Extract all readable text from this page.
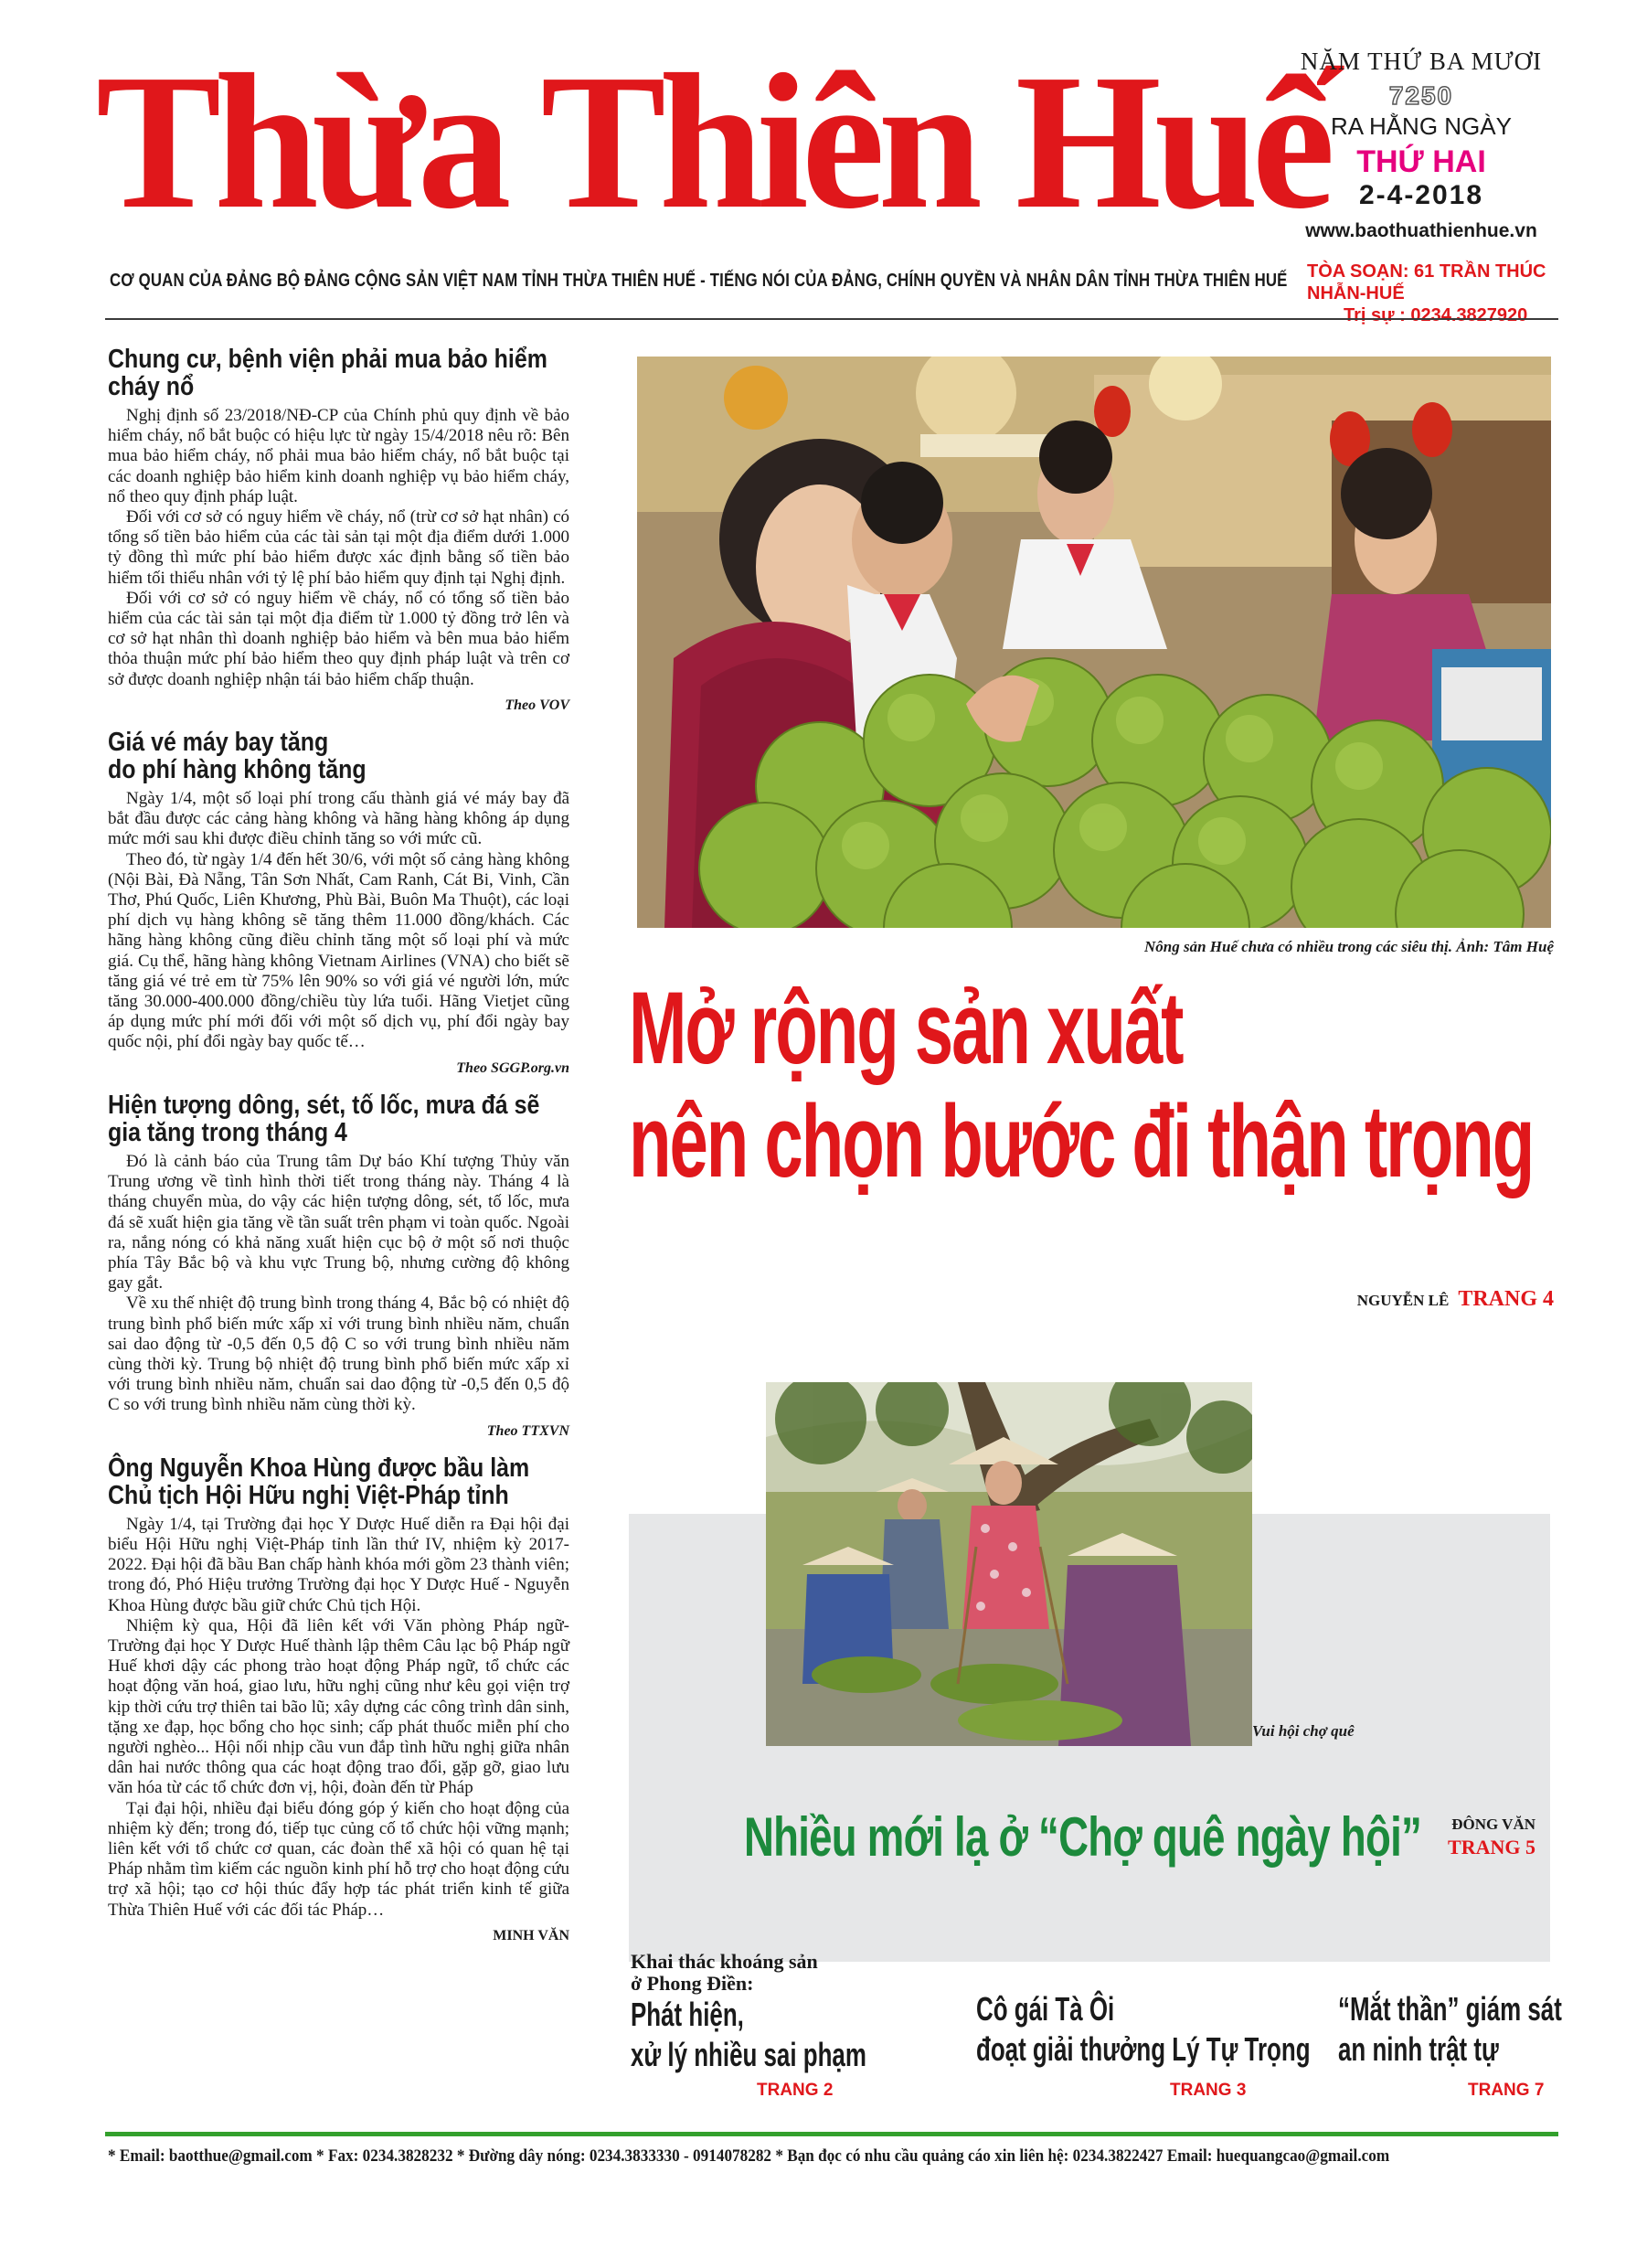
Thừa Thiên Huế
CƠ QUAN CỦA ĐẢNG BỘ ĐẢNG CỘNG SẢN VIỆT NAM TỈNH THỪA THIÊN HUẾ - TIẾNG NÓI CỦA ĐẢNG, CHÍNH QUYỀN VÀ NHÂN DÂN TỈNH THỪA THIÊN HUẾ
NĂM THỨ BA MƯƠI
7250
RA HẰNG NGÀY
THỨ HAI
2-4-2018
www.baothuathienhue.vn
TÒA SOẠN: 61 TRẦN THÚC NHẪN-HUẾ
Trị sự : 0234.3827920
Chung cư, bệnh viện phải mua bảo hiểm cháy nổ

Nghị định số 23/2018/NĐ-CP của Chính phủ quy định về bảo hiểm cháy, nổ bắt buộc có hiệu lực từ ngày 15/4/2018 nêu rõ: Bên mua bảo hiểm cháy, nổ phải mua bảo hiểm cháy, nổ bắt buộc tại các doanh nghiệp bảo hiểm kinh doanh nghiệp vụ bảo hiểm cháy, nổ theo quy định pháp luật.

Đối với cơ sở có nguy hiểm về cháy, nổ (trừ cơ sở hạt nhân) có tổng số tiền bảo hiểm của các tài sản tại một địa điểm dưới 1.000 tỷ đồng thì mức phí bảo hiểm được xác định bằng số tiền bảo hiểm tối thiểu nhân với tỷ lệ phí bảo hiểm quy định tại Nghị định.

Đối với cơ sở có nguy hiểm về cháy, nổ có tổng số tiền bảo hiểm của các tài sản tại một địa điểm từ 1.000 tỷ đồng trở lên và cơ sở hạt nhân thì doanh nghiệp bảo hiểm và bên mua bảo hiểm thỏa thuận mức phí bảo hiểm theo quy định pháp luật và trên cơ sở được doanh nghiệp nhận tái bảo hiểm chấp thuận.

Theo VOV

Giá vé máy bay tăng
do phí hàng không tăng

Ngày 1/4, một số loại phí trong cấu thành giá vé máy bay đã bắt đầu được các cảng hàng không và hãng hàng không áp dụng mức mới sau khi được điều chỉnh tăng so với mức cũ.

Theo đó, từ ngày 1/4 đến hết 30/6, với một số cảng hàng không (Nội Bài, Đà Nẵng, Tân Sơn Nhất, Cam Ranh, Cát Bi, Vinh, Cần Thơ, Phú Quốc, Liên Khương, Phù Bài, Buôn Ma Thuột), các loại phí dịch vụ hàng không sẽ tăng thêm 11.000 đồng/khách. Các hãng hàng không cũng điều chỉnh tăng một số loại phí và mức giá. Cụ thể, hãng hàng không Vietnam Airlines (VNA) cho biết sẽ tăng giá vé trẻ em từ 75% lên 90% so với giá vé người lớn, mức tăng 30.000-400.000 đồng/chiều tùy lứa tuổi. Hãng Vietjet cũng áp dụng mức phí mới đối với một số dịch vụ, phí đổi ngày bay quốc nội, phí đổi ngày bay quốc tế…

Theo SGGP.org.vn

Hiện tượng dông, sét, tố lốc, mưa đá sẽ gia tăng trong tháng 4

Đó là cảnh báo của Trung tâm Dự báo Khí tượng Thủy văn Trung ương về tình hình thời tiết trong tháng này. Tháng 4 là tháng chuyển mùa, do vậy các hiện tượng dông, sét, tố lốc, mưa đá sẽ xuất hiện gia tăng về tần suất trên phạm vi toàn quốc. Ngoài ra, nắng nóng có khả năng xuất hiện cục bộ ở một số nơi thuộc phía Tây Bắc bộ và khu vực Trung bộ, nhưng cường độ không gay gắt.

Về xu thế nhiệt độ trung bình trong tháng 4, Bắc bộ có nhiệt độ trung bình phổ biến mức xấp xỉ với trung bình nhiều năm, chuẩn sai dao động từ -0,5 đến 0,5 độ C so với trung bình nhiều năm cùng thời kỳ. Trung bộ nhiệt độ trung bình phổ biến mức xấp xỉ với trung bình nhiều năm, chuẩn sai dao động từ -0,5 đến 0,5 độ C so với trung bình nhiều năm cùng thời kỳ.

Theo TTXVN

Ông Nguyễn Khoa Hùng được bầu làm
Chủ tịch Hội Hữu nghị Việt-Pháp tỉnh

Ngày 1/4, tại Trường đại học Y Dược Huế diễn ra Đại hội đại biểu Hội Hữu nghị Việt-Pháp tỉnh lần thứ IV, nhiệm kỳ 2017-2022. Đại hội đã bầu Ban chấp hành khóa mới gồm 23 thành viên; trong đó, Phó Hiệu trưởng Trường đại học Y Dược Huế - Nguyễn Khoa Hùng được bầu giữ chức Chủ tịch Hội.

Nhiệm kỳ qua, Hội đã liên kết với Văn phòng Pháp ngữ-Trường đại học Y Dược Huế thành lập thêm Câu lạc bộ Pháp ngữ Huế khơi dậy các phong trào hoạt động Pháp ngữ, tổ chức các hoạt động văn hoá, giao lưu, hữu nghị cũng như kêu gọi viện trợ kịp thời cứu trợ thiên tai bão lũ; xây dựng các công trình dân sinh, tặng xe đạp, học bổng cho học sinh; cấp phát thuốc miễn phí cho người nghèo... Hội nối nhịp cầu vun đắp tình hữu nghị giữa nhân dân hai nước thông qua các hoạt động trao đổi, gặp gỡ, giao lưu văn hóa từ các tổ chức đơn vị, hội, đoàn đến từ Pháp

Tại đại hội, nhiều đại biểu đóng góp ý kiến cho hoạt động của nhiệm kỳ đến; trong đó, tiếp tục củng cố tổ chức hội vững mạnh; liên kết với tổ chức cơ quan, các đoàn thể xã hội có quan hệ tại Pháp nhằm tìm kiếm các nguồn kinh phí hỗ trợ cho hoạt động cứu trợ xã hội; tạo cơ hội thúc đẩy hợp tác phát triển kinh tế giữa Thừa Thiên Huế với các đối tác Pháp…

MINH VĂN

Nông sản Huế chưa có nhiều trong các siêu thị. Ảnh: Tâm Huệ
Mở rộng sản xuất
nên chọn bước đi thận trọng
NGUYỄN LÊ TRANG 4
Vui hội chợ quê
Nhiều mới lạ ở “Chợ quê ngày hội”	ĐÔNG VĂN
TRANG 5
Khai thác khoáng sản
ở Phong Điền:
Phát hiện,
xử lý nhiều sai phạm
TRANG 2
Cô gái Tà Ôi
đoạt giải thưởng Lý Tự Trọng
TRANG 3
“Mắt thần” giám sát
an ninh trật tự
TRANG 7
* Email: baotthue@gmail.com * Fax: 0234.3828232 * Đường dây nóng: 0234.3833330 - 0914078282 * Bạn đọc có nhu cầu quảng cáo xin liên hệ: 0234.3822427 Email: huequangcao@gmail.com
